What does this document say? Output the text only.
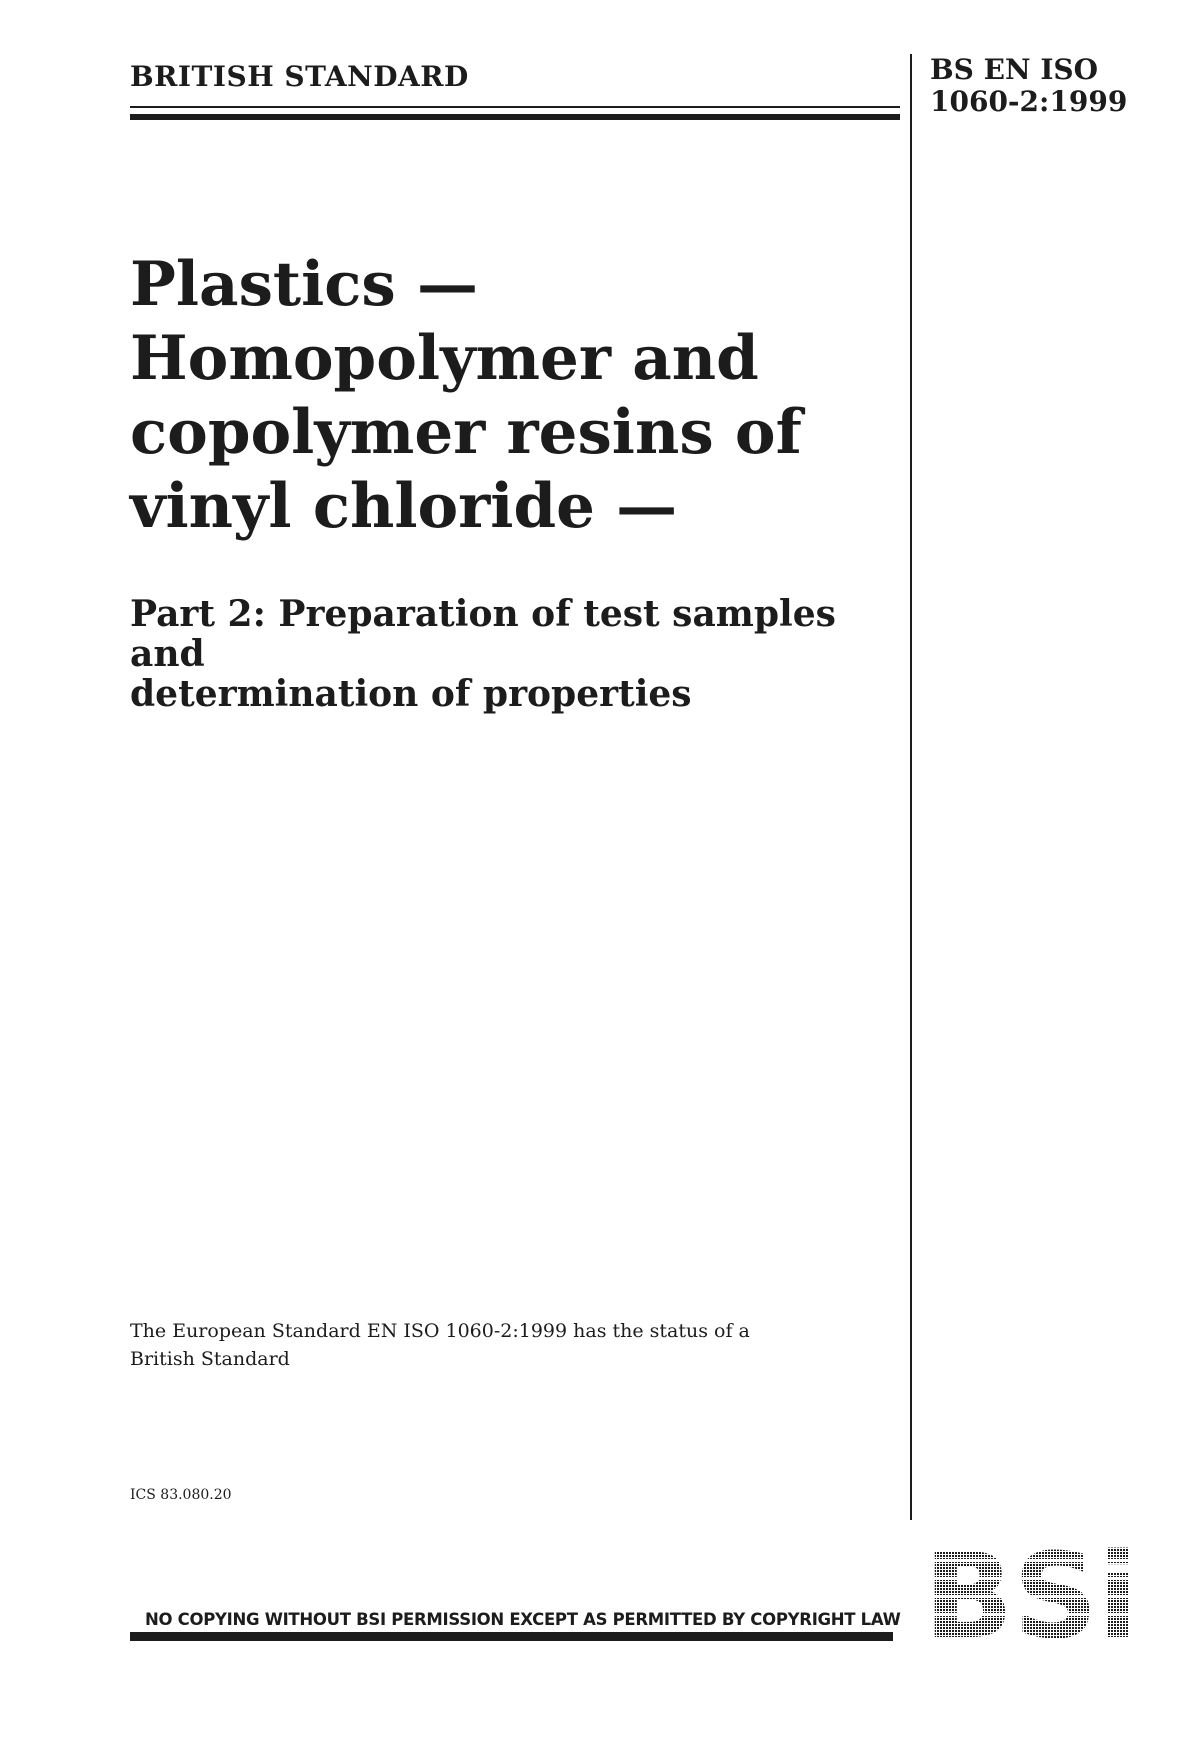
BRITISH STANDARD	BS EN ISO
1060-2:1999
Plastics —
Homopolymer and
copolymer resins of
vinyl chloride —
Part 2: Preparation of test samples and
determination of properties
The European Standard EN ISO 1060-2:1999 has the status of a
British Standard
ICS 83.080.20
NO COPYING WITHOUT BSI PERMISSION EXCEPT AS PERMITTED BY COPYRIGHT LAW
